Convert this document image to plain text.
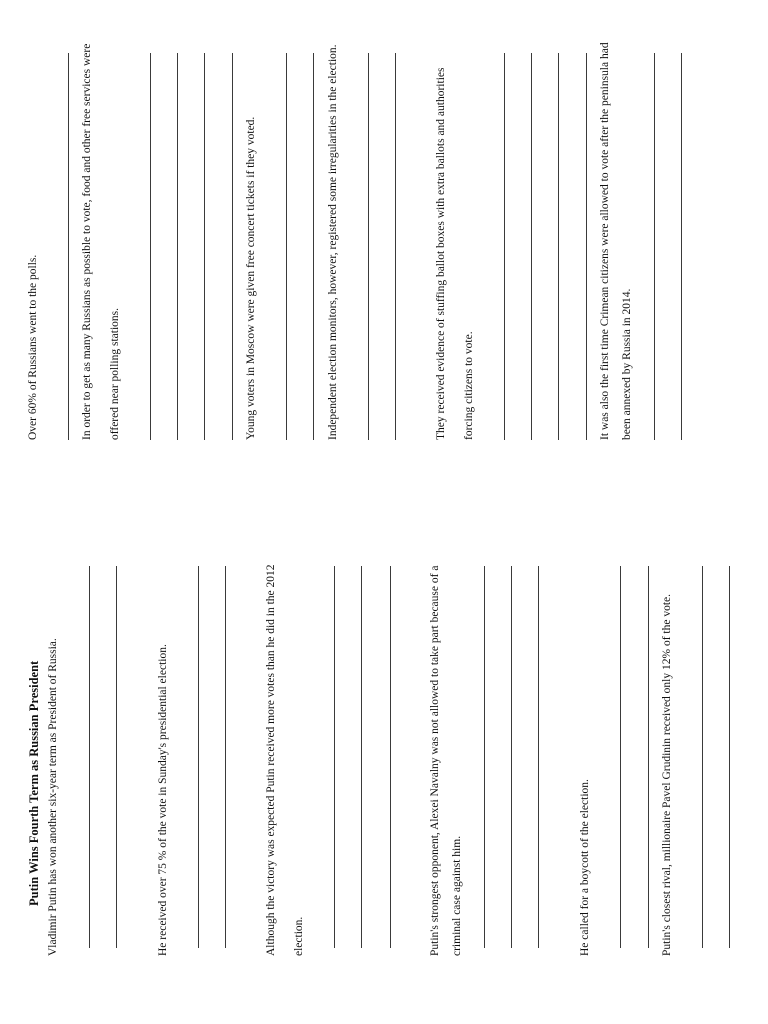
Putin Wins Fourth Term as Russian President Vladimir Putin has won another six-year term as President of Russia.	He received over 75 % of the vote in Sunday's presidential election.	Although the victory was expected Putin received more votes than he did in the 2012 election.	Putin's strongest opponent, Alexei Navalny was not allowed to take part because of a criminal case against him.	He called for a boycott of the election.	Putin's closest rival, millionaire Pavel Grudinin received only 12% of the vote.
Over 60% of Russians went to the polls.	In order to get as many Russians as possible to vote, food and other free services were offered near polling stations.	Young voters in Moscow were given free concert tickets if they voted.	Independent election monitors, however, registered some irregularities in the election.	They received evidence of stuffing ballot boxes with extra ballots and authorities forcing citizens to vote.	It was also the first time Crimean citizens were allowed to vote after the peninsula had been annexed by Russia in 2014.
